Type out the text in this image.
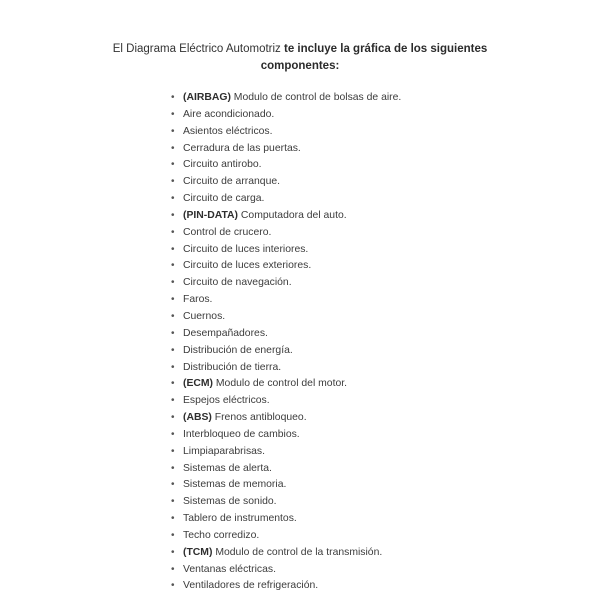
El Diagrama Eléctrico Automotriz te incluye la gráfica de los siguientes componentes:
• (AIRBAG) Modulo de control de bolsas de aire.
• Aire acondicionado.
• Asientos eléctricos.
• Cerradura de las puertas.
• Circuito antirobo.
• Circuito de arranque.
• Circuito de carga.
• (PIN-DATA) Computadora del auto.
• Control de crucero.
• Circuito de luces interiores.
• Circuito de luces exteriores.
• Circuito de navegación.
• Faros.
• Cuernos.
• Desempañadores.
• Distribución de energía.
• Distribución de tierra.
• (ECM) Modulo de control del motor.
• Espejos eléctricos.
• (ABS) Frenos antibloqueo.
• Interbloqueo de cambios.
• Limpiaparabrisas.
• Sistemas de alerta.
• Sistemas de memoria.
• Sistemas de sonido.
• Tablero de instrumentos.
• Techo corredizo.
• (TCM) Modulo de control de la transmisión.
• Ventanas eléctricas.
• Ventiladores de refrigeración.
